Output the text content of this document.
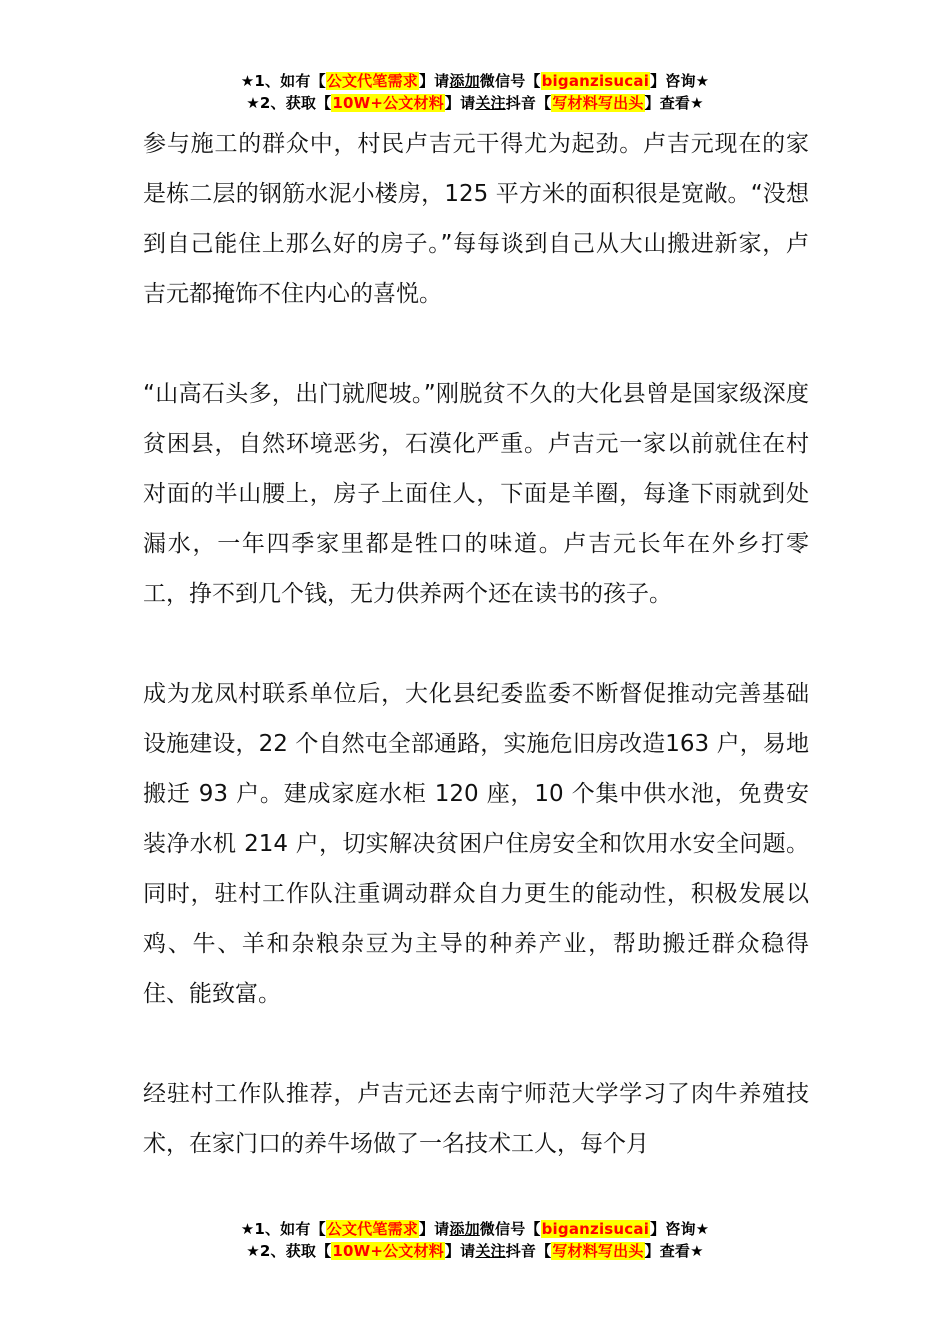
★1、如有【公文代笔需求】请添加微信号【biganzisucai】咨询★
★2、获取【10W+公文材料】请关注抖音【写材料写出头】查看★

参与施工的群众中，村民卢吉元干得尤为起劲。卢吉元现在的家是栋二层的钢筋水泥小楼房，125 平方米的面积很是宽敞。“没想到自己能住上那么好的房子。”每每谈到自己从大山搬进新家，卢吉元都掩饰不住内心的喜悦。

“山高石头多，出门就爬坡。”刚脱贫不久的大化县曾是国家级深度贫困县，自然环境恶劣，石漠化严重。卢吉元一家以前就住在村对面的半山腰上，房子上面住人，下面是羊圈，每逢下雨就到处漏水，一年四季家里都是牲口的味道。卢吉元长年在外乡打零工，挣不到几个钱，无力供养两个还在读书的孩子。

成为龙凤村联系单位后，大化县纪委监委不断督促推动完善基础设施建设，22 个自然屯全部通路，实施危旧房改造163 户，易地搬迁 93 户。建成家庭水柜 120 座，10 个集中供水池，免费安装净水机 214 户，切实解决贫困户住房安全和饮用水安全问题。同时，驻村工作队注重调动群众自力更生的能动性，积极发展以鸡、牛、羊和杂粮杂豆为主导的种养产业，帮助搬迁群众稳得住、能致富。

经驻村工作队推荐，卢吉元还去南宁师范大学学习了肉牛养殖技术，在家门口的养牛场做了一名技术工人，每个月

★1、如有【公文代笔需求】请添加微信号【biganzisucai】咨询★
★2、获取【10W+公文材料】请关注抖音【写材料写出头】查看★
